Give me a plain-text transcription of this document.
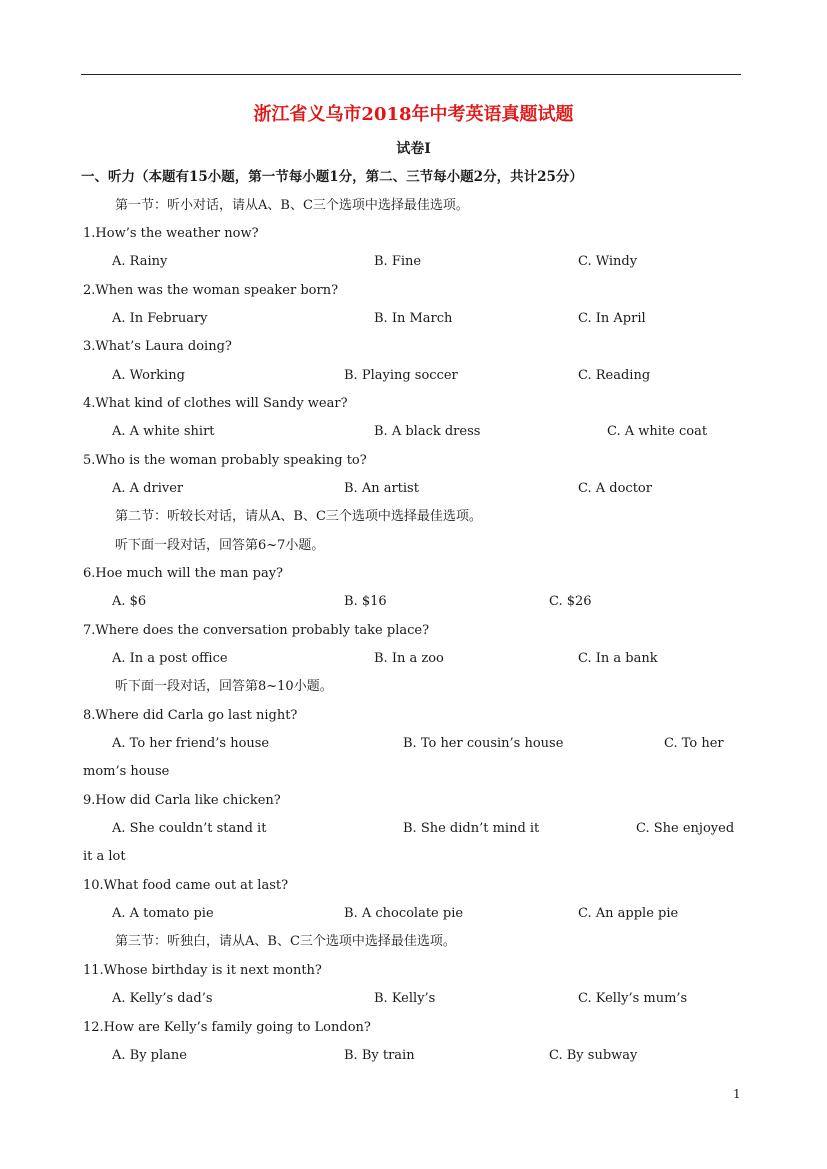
浙江省义乌市2018年中考英语真题试题
试卷Ⅰ
一、听力（本题有15小题，第一节每小题1分，第二、三节每小题2分，共计25分）
第一节：听小对话，请从A、B、C三个选项中选择最佳选项。
1.How’s the weather now?
A. Rainy	B. Fine	C. Windy
2.When was the woman speaker born?
A. In February	B. In March	C. In April
3.What’s Laura doing?
A. Working	B. Playing soccer	C. Reading
4.What kind of clothes will Sandy wear?
A. A white shirt	B. A black dress	C. A white coat
5.Who is the woman probably speaking to?
A. A driver	B. An artist	C. A doctor
第二节：听较长对话，请从A、B、C三个选项中选择最佳选项。
听下面一段对话，回答第6~7小题。
6.Hoe much will the man pay?
A. $6	B. $16	C. $26
7.Where does the conversation probably take place?
A. In a post office	B. In a zoo	C. In a bank
听下面一段对话，回答第8~10小题。
8.Where did Carla go last night?
A. To her friend’s house	B. To her cousin’s house	C. To her
mom’s house
9.How did Carla like chicken?
A. She couldn’t stand it	B. She didn’t mind it	C. She enjoyed
it a lot
10.What food came out at last?
A. A tomato pie	B. A chocolate pie	C. An apple pie
第三节：听独白，请从A、B、C三个选项中选择最佳选项。
11.Whose birthday is it next month?
A. Kelly’s dad’s	B. Kelly’s	C. Kelly’s mum’s
12.How are Kelly’s family going to London?
A. By plane	B. By train	C. By subway
1
